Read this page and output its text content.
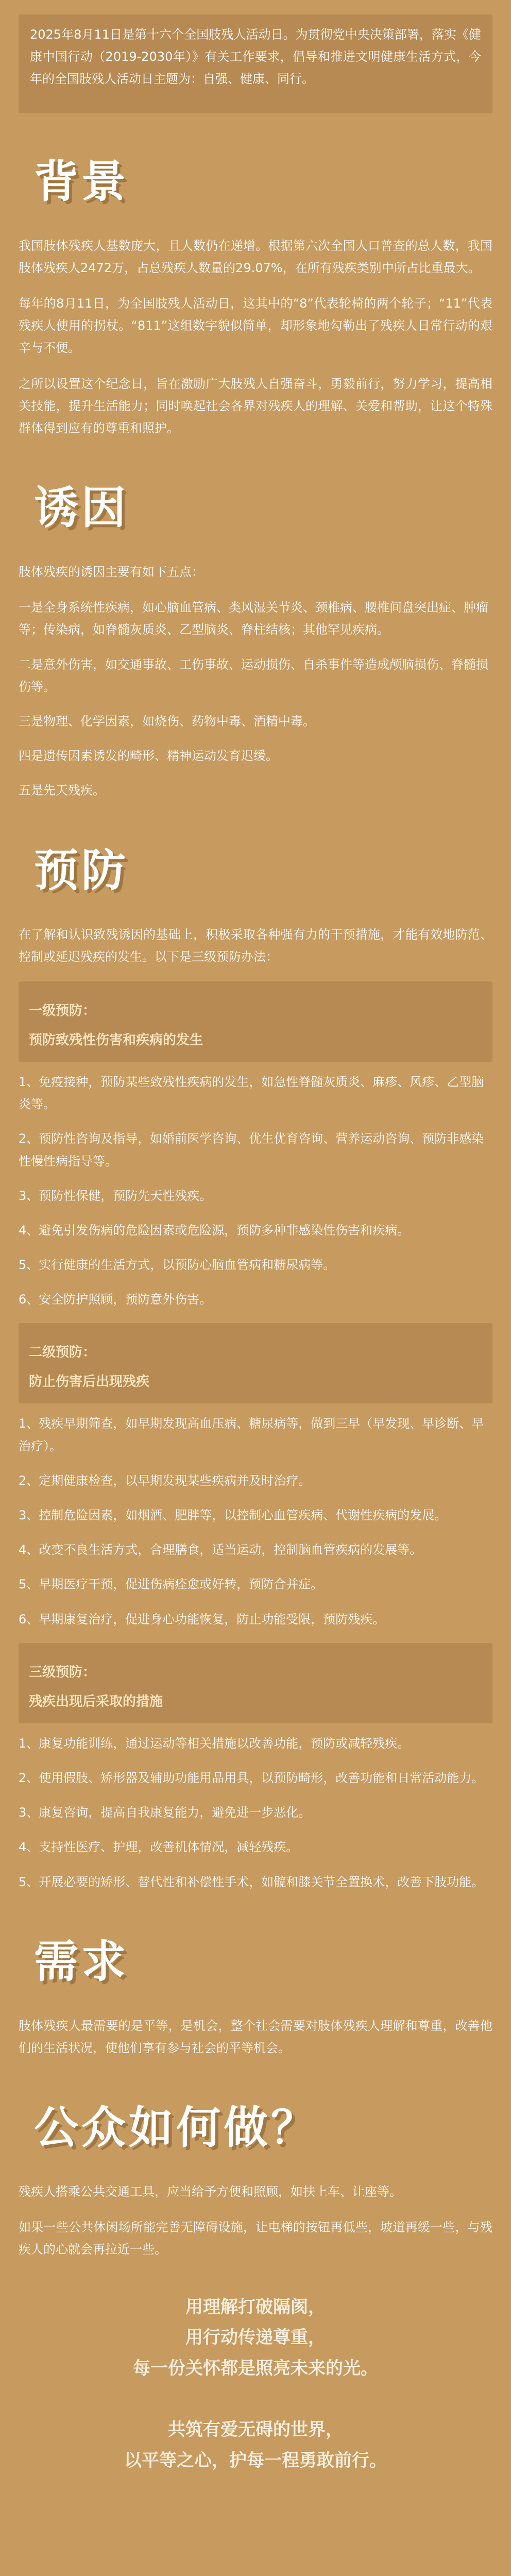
2025年8月11日是第十六个全国肢残人活动日。为贯彻党中央决策部署，落实《健康中国行动（2019-2030年）》有关工作要求，倡导和推进文明健康生活方式，今年的全国肢残人活动日主题为：自强、健康、同行。
背景
我国肢体残疾人基数庞大，且人数仍在递增。根据第六次全国人口普查的总人数，我国肢体残疾人2472万，占总残疾人数量的29.07%，在所有残疾类别中所占比重最大。
每年的8月11日，为全国肢残人活动日，这其中的“8”代表轮椅的两个轮子；“11”代表残疾人使用的拐杖。“811”这组数字貌似简单，却形象地勾勒出了残疾人日常行动的艰辛与不便。
之所以设置这个纪念日，旨在激励广大肢残人自强奋斗，勇毅前行，努力学习，提高相关技能，提升生活能力；同时唤起社会各界对残疾人的理解、关爱和帮助，让这个特殊群体得到应有的尊重和照护。
诱因
肢体残疾的诱因主要有如下五点：
一是全身系统性疾病，如心脑血管病、类风湿关节炎、颈椎病、腰椎间盘突出症、肿瘤等；传染病，如脊髓灰质炎、乙型脑炎、脊柱结核；其他罕见疾病。
二是意外伤害，如交通事故、工伤事故、运动损伤、自杀事件等造成颅脑损伤、脊髓损伤等。
三是物理、化学因素，如烧伤、药物中毒、酒精中毒。
四是遗传因素诱发的畸形、精神运动发育迟缓。
五是先天残疾。
预防
在了解和认识致残诱因的基础上，积极采取各种强有力的干预措施，才能有效地防范、控制或延迟残疾的发生。以下是三级预防办法：
一级预防：
预防致残性伤害和疾病的发生
1、免疫接种，预防某些致残性疾病的发生，如急性脊髓灰质炎、麻疹、风疹、乙型脑炎等。
2、预防性咨询及指导，如婚前医学咨询、优生优育咨询、营养运动咨询、预防非感染性慢性病指导等。
3、预防性保健，预防先天性残疾。
4、避免引发伤病的危险因素或危险源，预防多种非感染性伤害和疾病。
5、实行健康的生活方式，以预防心脑血管病和糖尿病等。
6、安全防护照顾，预防意外伤害。
二级预防：
防止伤害后出现残疾
1、残疾早期筛查，如早期发现高血压病、糖尿病等，做到三早（早发现、早诊断、早治疗）。
2、定期健康检查，以早期发现某些疾病并及时治疗。
3、控制危险因素，如烟酒、肥胖等，以控制心血管疾病、代谢性疾病的发展。
4、改变不良生活方式，合理膳食，适当运动，控制脑血管疾病的发展等。
5、早期医疗干预，促进伤病痊愈或好转，预防合并症。
6、早期康复治疗，促进身心功能恢复，防止功能受限，预防残疾。
三级预防：
残疾出现后采取的措施
1、康复功能训练，通过运动等相关措施以改善功能，预防或减轻残疾。
2、使用假肢、矫形器及辅助功能用品用具，以预防畸形，改善功能和日常活动能力。
3、康复咨询，提高自我康复能力，避免进一步恶化。
4、支持性医疗、护理，改善机体情况，减轻残疾。
5、开展必要的矫形、替代性和补偿性手术，如髋和膝关节全置换术，改善下肢功能。
需求
肢体残疾人最需要的是平等，是机会，整个社会需要对肢体残疾人理解和尊重，改善他们的生活状况，使他们享有参与社会的平等机会。
公众如何做？
残疾人搭乘公共交通工具，应当给予方便和照顾，如扶上车、让座等。
如果一些公共休闲场所能完善无障碍设施，让电梯的按钮再低些，坡道再缓一些，与残疾人的心就会再拉近一些。
用理解打破隔阂，
用行动传递尊重，
每一份关怀都是照亮未来的光。
共筑有爱无碍的世界，
以平等之心，护每一程勇敢前行。
